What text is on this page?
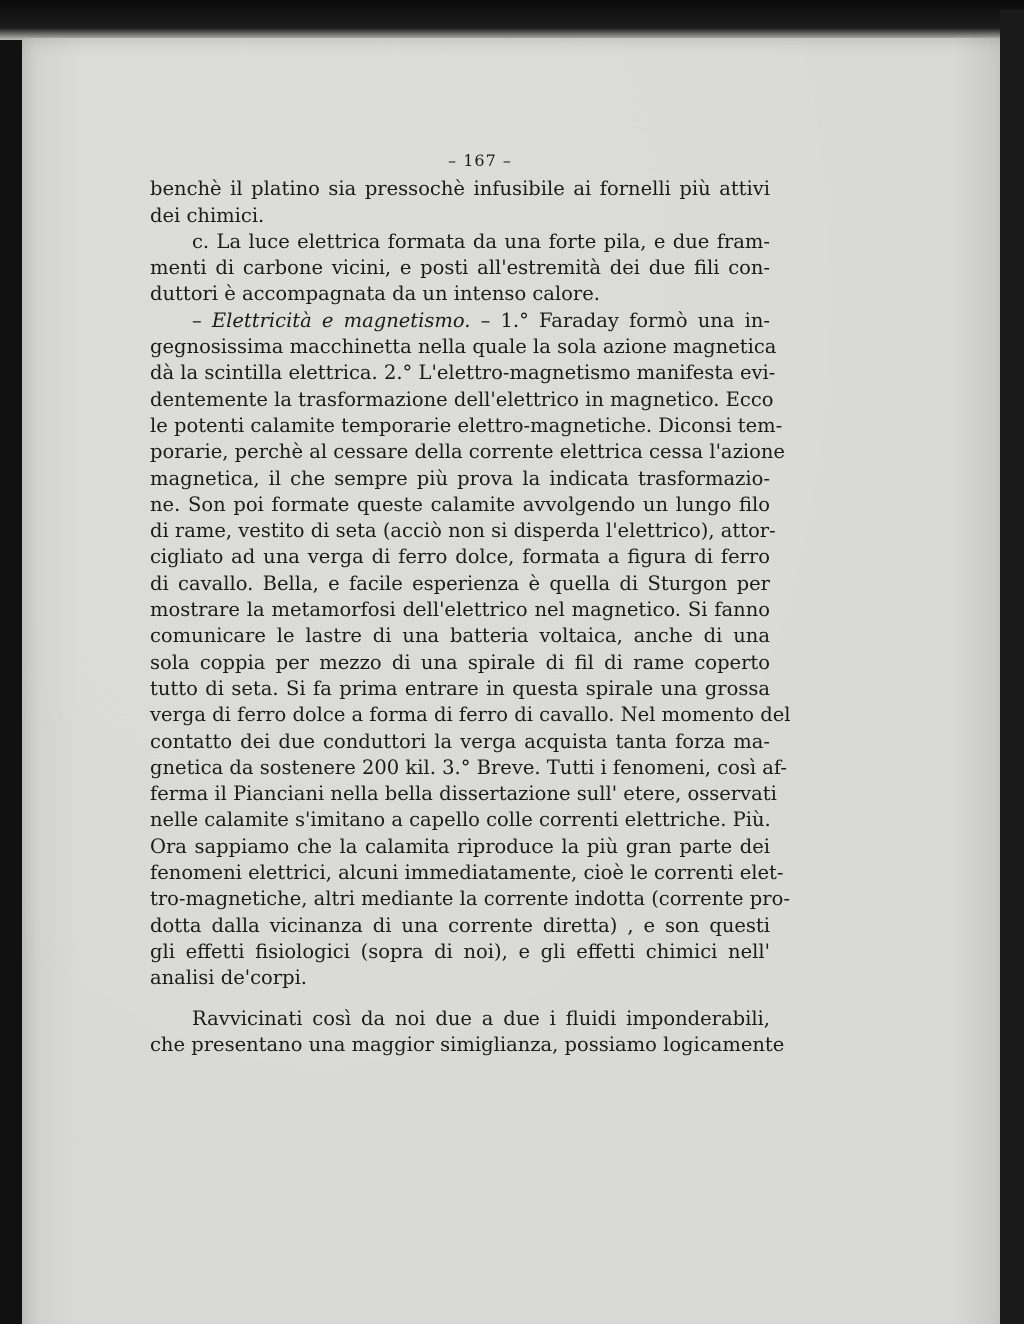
– 167 –
benchè il platino sia pressochè infusibile ai fornelli più attivi
dei chimici.
c. La luce elettrica formata da una forte pila, e due fram-
menti di carbone vicini, e posti all'estremità dei due fili con-
duttori è accompagnata da un intenso calore.
– Elettricità e magnetismo. – 1.° Faraday formò una in-
gegnosissima macchinetta nella quale la sola azione magnetica
dà la scintilla elettrica. 2.° L'elettro-magnetismo manifesta evi-
dentemente la trasformazione dell'elettrico in magnetico. Ecco
le potenti calamite temporarie elettro-magnetiche. Diconsi tem-
porarie, perchè al cessare della corrente elettrica cessa l'azione
magnetica, il che sempre più prova la indicata trasformazio-
ne. Son poi formate queste calamite avvolgendo un lungo filo
di rame, vestito di seta (acciò non si disperda l'elettrico), attor-
cigliato ad una verga di ferro dolce, formata a figura di ferro
di cavallo. Bella, e facile esperienza è quella di Sturgon per
mostrare la metamorfosi dell'elettrico nel magnetico. Si fanno
comunicare le lastre di una batteria voltaica, anche di una
sola coppia per mezzo di una spirale di fil di rame coperto
tutto di seta. Si fa prima entrare in questa spirale una grossa
verga di ferro dolce a forma di ferro di cavallo. Nel momento del
contatto dei due conduttori la verga acquista tanta forza ma-
gnetica da sostenere 200 kil. 3.° Breve. Tutti i fenomeni, così af-
ferma il Pianciani nella bella dissertazione sull' etere, osservati
nelle calamite s'imitano a capello colle correnti elettriche. Più.
Ora sappiamo che la calamita riproduce la più gran parte dei
fenomeni elettrici, alcuni immediatamente, cioè le correnti elet-
tro-magnetiche, altri mediante la corrente indotta (corrente pro-
dotta dalla vicinanza di una corrente diretta) , e son questi
gli effetti fisiologici (sopra di noi), e gli effetti chimici nell'
analisi de'corpi.
Ravvicinati così da noi due a due i fluidi imponderabili,
che presentano una maggior simiglianza, possiamo logicamente
